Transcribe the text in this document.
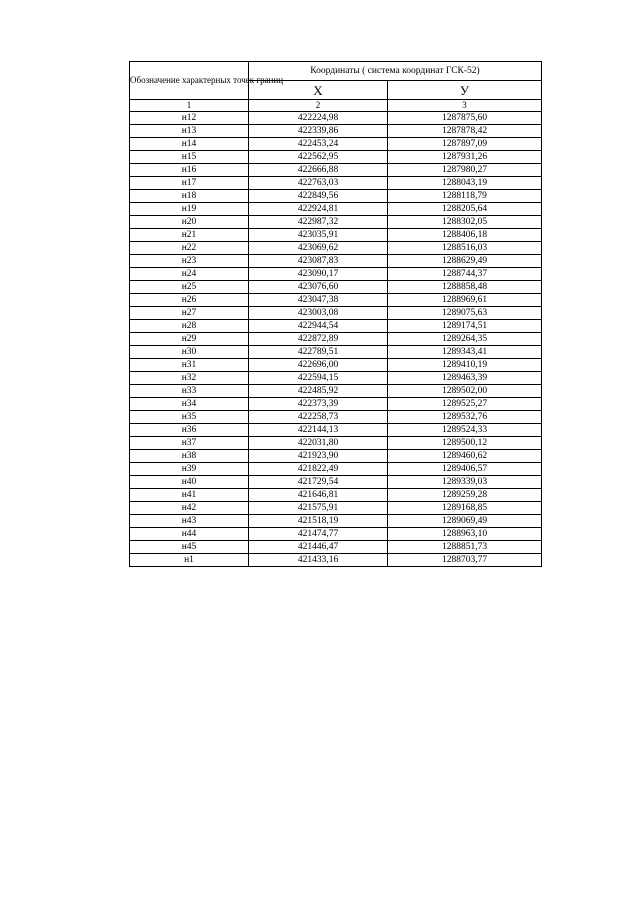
Обозначение характерных точек границ	Координаты ( система координат ГСК-52)	
	X	У
1	2	3
н12	422224,98	1287875,60
н13	422339,86	1287878,42
н14	422453,24	1287897,09
н15	422562,95	1287931,26
н16	422666,88	1287980,27
н17	422763,03	1288043,19
н18	422849,56	1288118,79
н19	422924,81	1288205,64
н20	422987,32	1288302,05
н21	423035,91	1288406,18
н22	423069,62	1288516,03
н23	423087,83	1288629,49
н24	423090,17	1288744,37
н25	423076,60	1288858,48
н26	423047,38	1288969,61
н27	423003,08	1289075,63
н28	422944,54	1289174,51
н29	422872,89	1289264,35
н30	422789,51	1289343,41
н31	422696,00	1289410,19
н32	422594,15	1289463,39
н33	422485,92	1289502,00
н34	422373,39	1289525,27
н35	422258,73	1289532,76
н36	422144,13	1289524,33
н37	422031,80	1289500,12
н38	421923,90	1289460,62
н39	421822,49	1289406,57
н40	421729,54	1289339,03
н41	421646,81	1289259,28
н42	421575,91	1289168,85
н43	421518,19	1289069,49
н44	421474,77	1288963,10
н45	421446,47	1288851,73
н1	421433,16	1288703,77
